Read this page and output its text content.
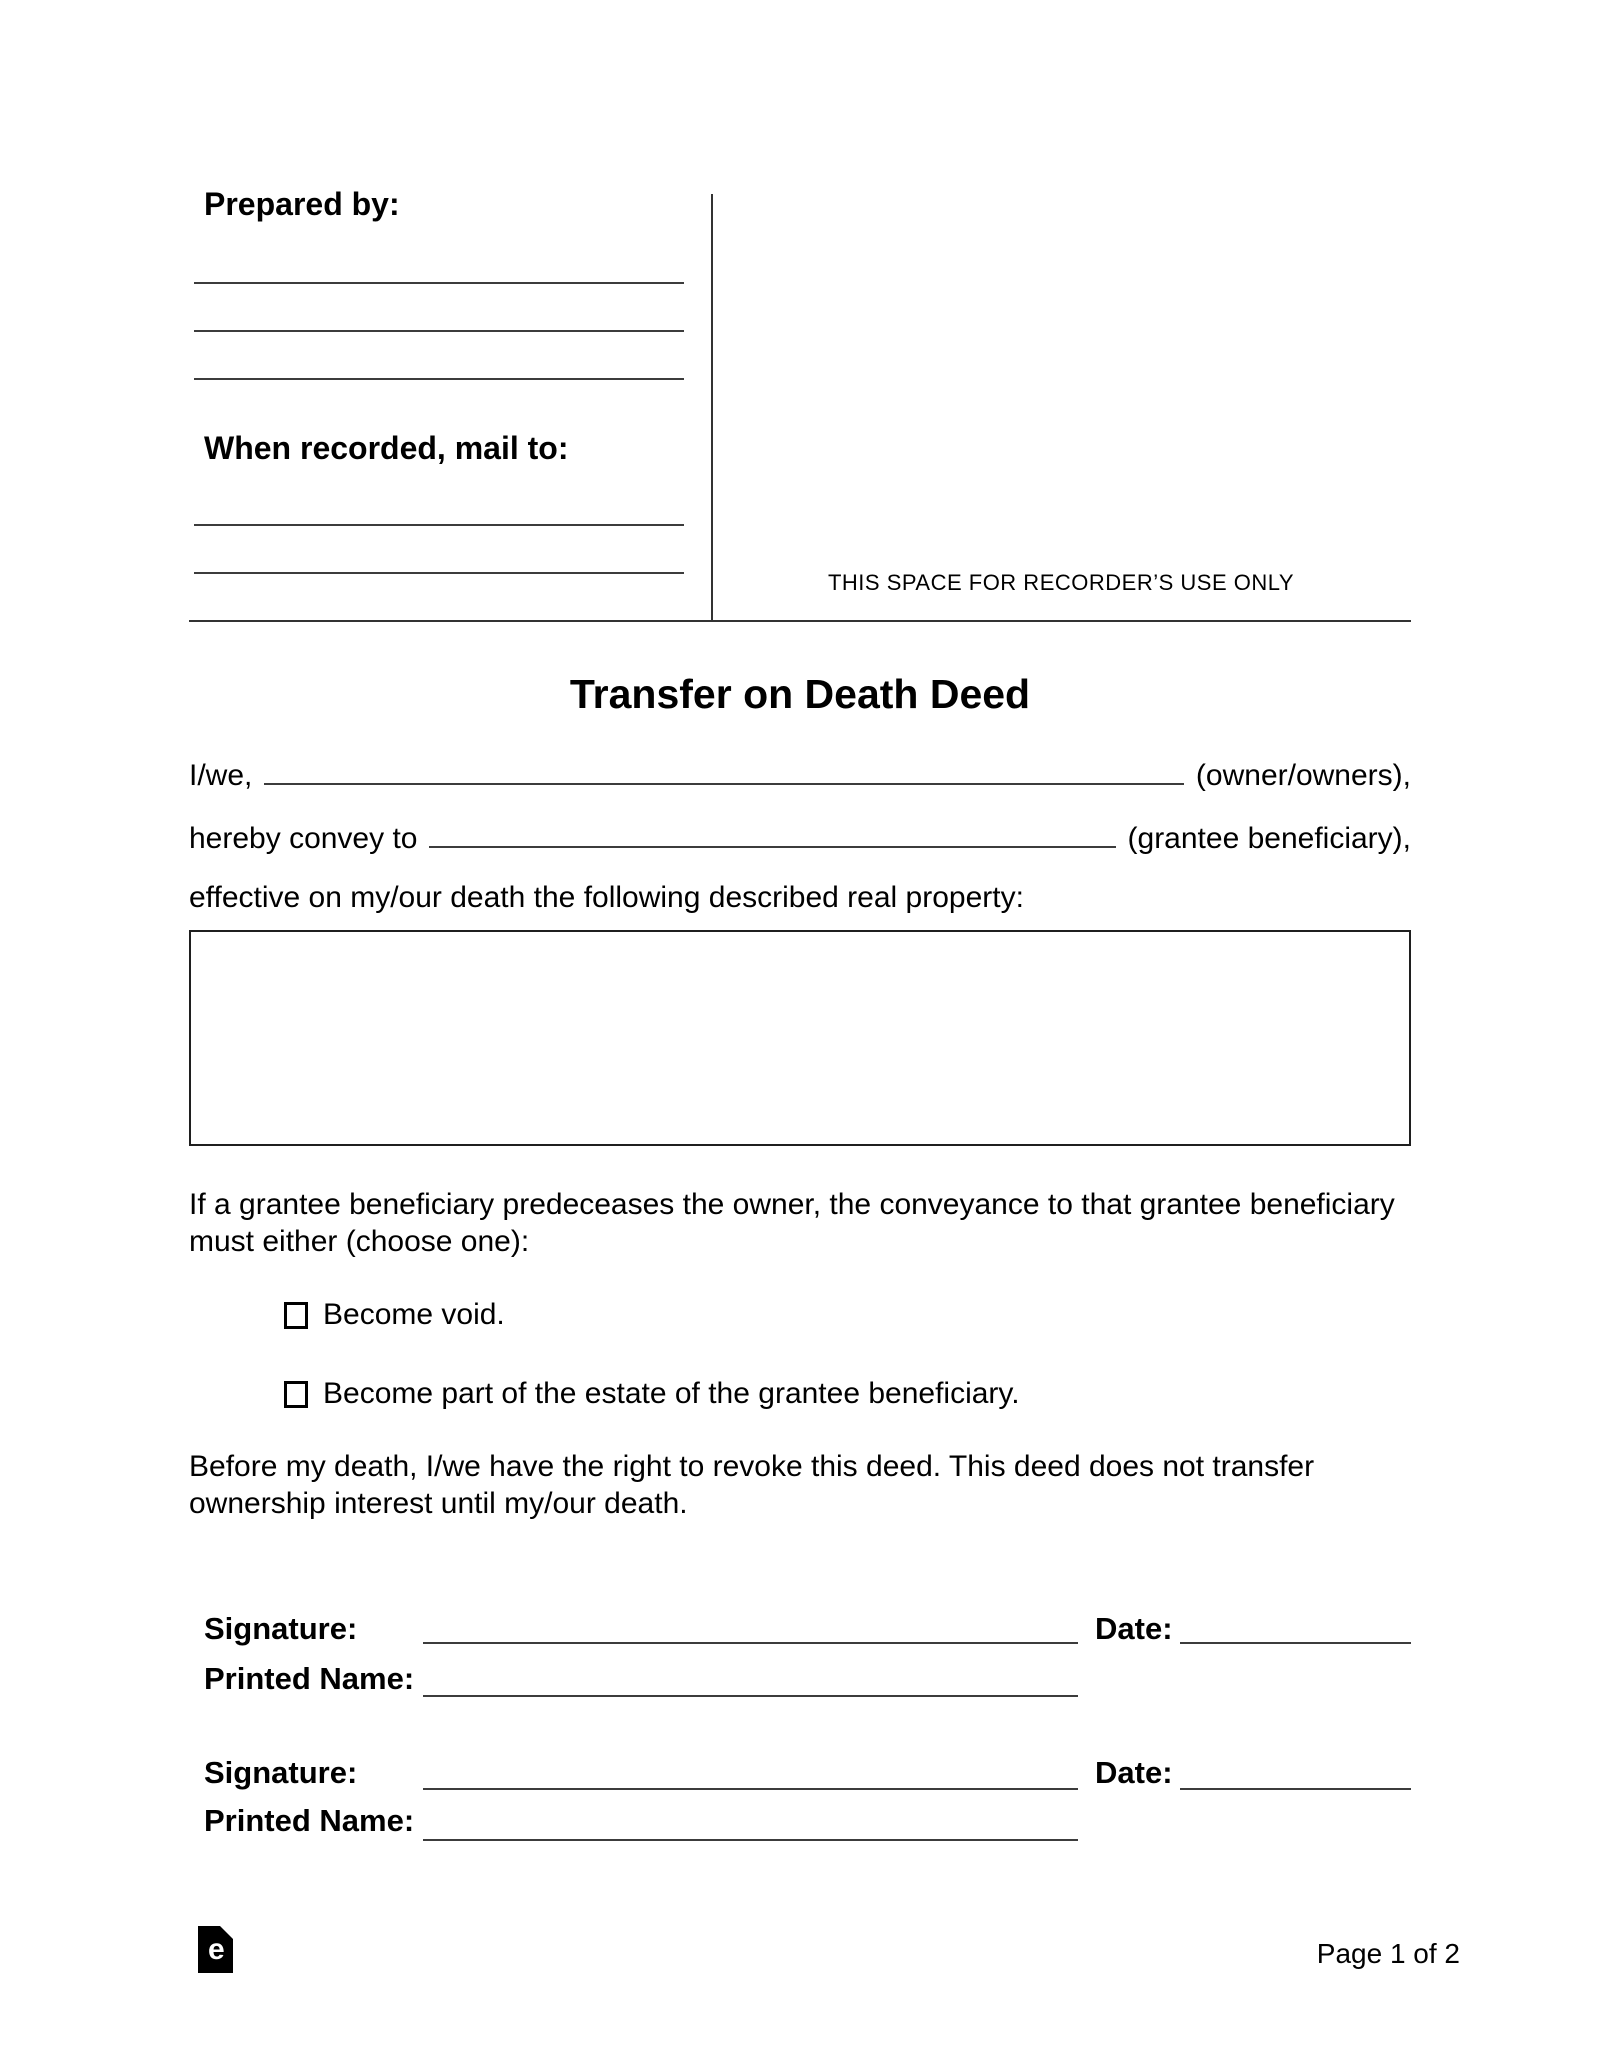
Prepared by:
When recorded, mail to:
THIS SPACE FOR RECORDER’S USE ONLY
Transfer on Death Deed
I/we,	(owner/owners),
hereby convey to	(grantee beneficiary),
effective on my/our death the following described real property:
If a grantee beneficiary predeceases the owner, the conveyance to that grantee beneficiary must either (choose one):
Become void.
Become part of the estate of the grantee beneficiary.
Before my death, I/we have the right to revoke this deed. This deed does not transfer ownership interest until my/our death.
Signature:	Date:
Printed Name:
Signature:	Date:
Printed Name:
e	Page 1 of 2
